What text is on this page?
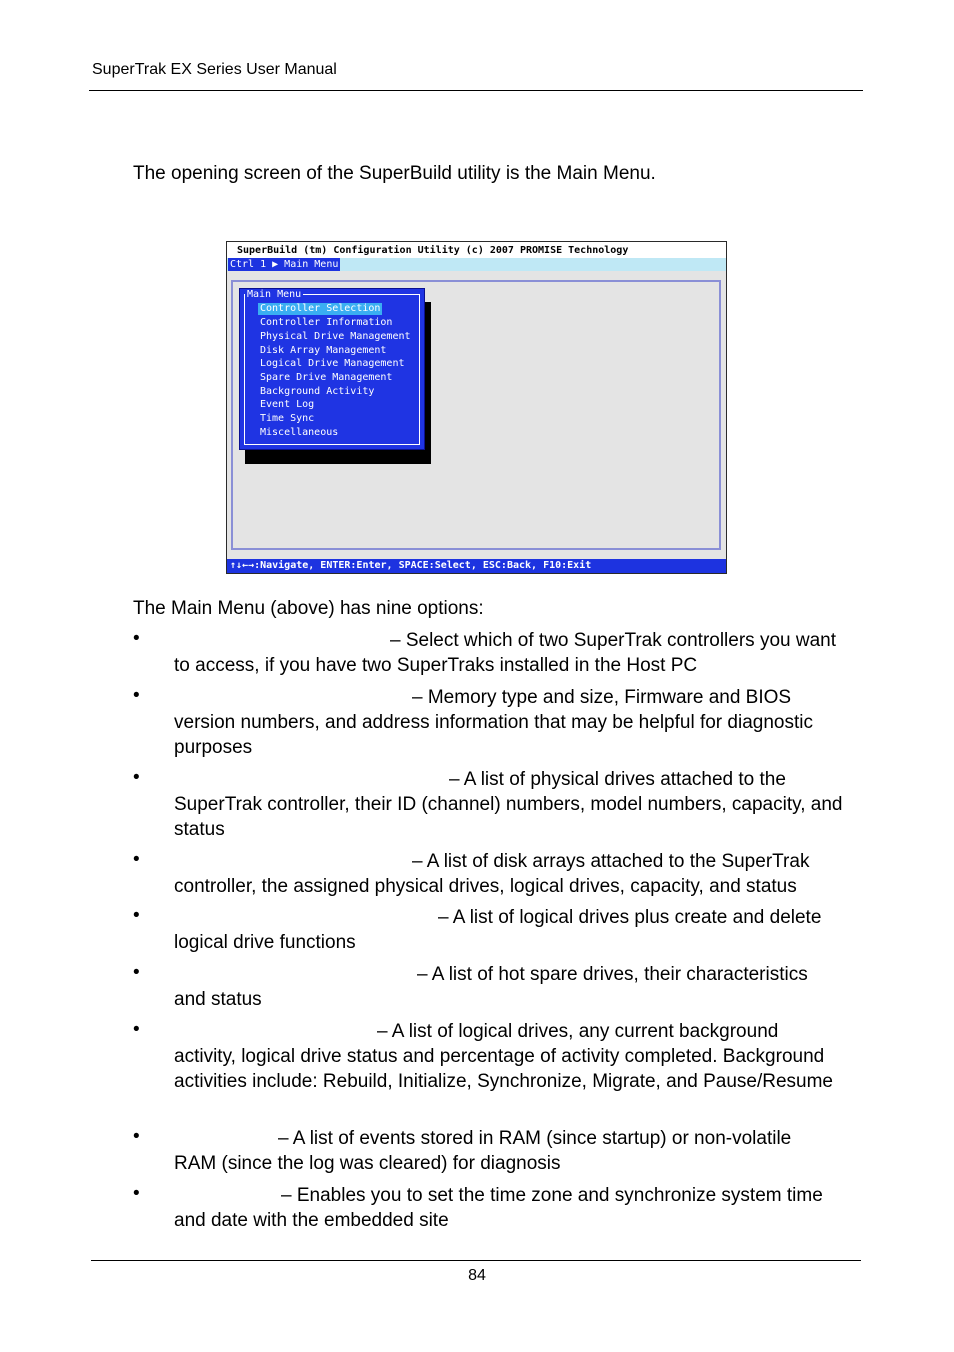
SuperTrak EX Series User Manual
The opening screen of the SuperBuild utility is the Main Menu.
SuperBuild (tm) Configuration Utility (c) 2007 PROMISE Technology
Ctrl 1 ▶ Main Menu
Main Menu
Controller Selection
Controller Information
Physical Drive Management
Disk Array Management
Logical Drive Management
Spare Drive Management
Background Activity
Event Log
Time Sync
Miscellaneous
↑↓←→:Navigate, ENTER:Enter, SPACE:Select, ESC:Back, F10:Exit
The Main Menu (above) has nine options:
•	– Select which of two SuperTrak controllers you want
to access, if you have two SuperTraks installed in the Host PC
•	– Memory type and size, Firmware and BIOS
version numbers, and address information that may be helpful for diagnostic purposes
•	– A list of physical drives attached to the
SuperTrak controller, their ID (channel) numbers, model numbers, capacity, and status
•	– A list of disk arrays attached to the SuperTrak
controller, the assigned physical drives, logical drives, capacity, and status
•	– A list of logical drives plus create and delete
logical drive functions
•	– A list of hot spare drives, their characteristics
and status
•	– A list of logical drives, any current background
activity, logical drive status and percentage of activity completed. Background activities include: Rebuild, Initialize, Synchronize, Migrate, and Pause/Resume
•	– A list of events stored in RAM (since startup) or non-volatile
RAM (since the log was cleared) for diagnosis
•	– Enables you to set the time zone and synchronize system time
and date with the embedded site
84
